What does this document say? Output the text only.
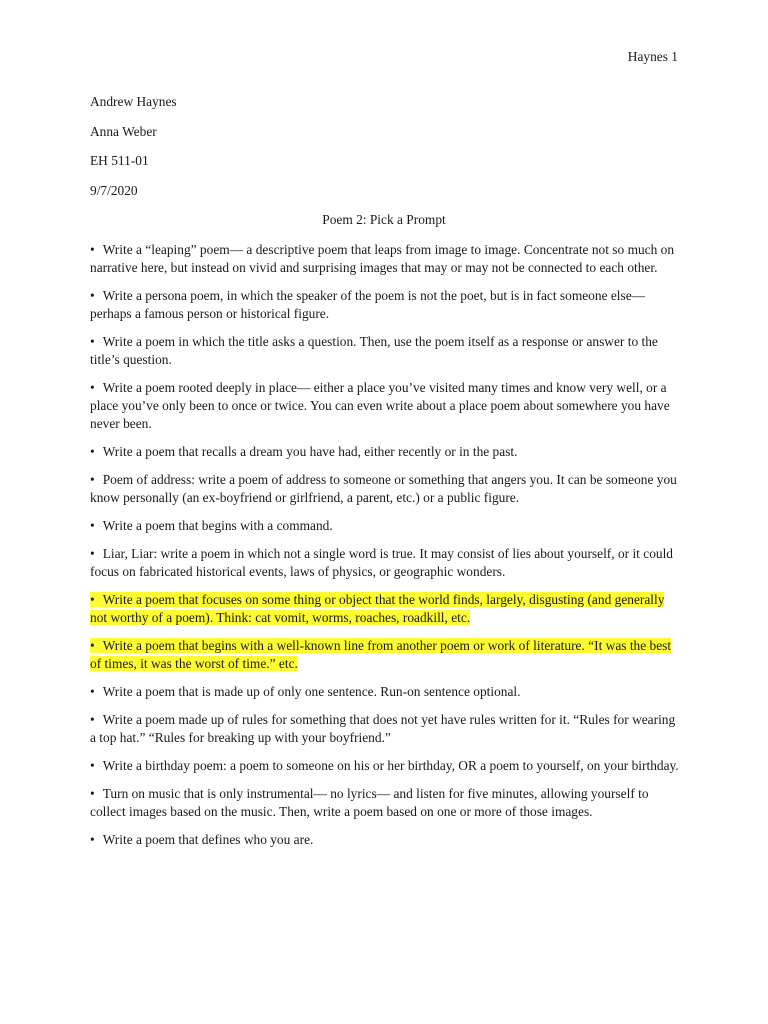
Haynes 1
Andrew Haynes
Anna Weber
EH 511-01
9/7/2020
Poem 2: Pick a Prompt

• Write a “leaping” poem— a descriptive poem that leaps from image to image. Concentrate not so much on narrative here, but instead on vivid and surprising images that may or may not be connected to each other.

• Write a persona poem, in which the speaker of the poem is not the poet, but is in fact someone else— perhaps a famous person or historical figure.

• Write a poem in which the title asks a question. Then, use the poem itself as a response or answer to the title’s question.

• Write a poem rooted deeply in place— either a place you’ve visited many times and know very well, or a place you’ve only been to once or twice. You can even write about a place poem about somewhere you have never been.

• Write a poem that recalls a dream you have had, either recently or in the past.

• Poem of address: write a poem of address to someone or something that angers you. It can be someone you know personally (an ex-boyfriend or girlfriend, a parent, etc.) or a public figure.

• Write a poem that begins with a command.

• Liar, Liar: write a poem in which not a single word is true. It may consist of lies about yourself, or it could focus on fabricated historical events, laws of physics, or geographic wonders.

• Write a poem that focuses on some thing or object that the world finds, largely, disgusting (and generally not worthy of a poem). Think: cat vomit, worms, roaches, roadkill, etc.

• Write a poem that begins with a well-known line from another poem or work of literature. “It was the best of times, it was the worst of time.” etc.

• Write a poem that is made up of only one sentence. Run-on sentence optional.

• Write a poem made up of rules for something that does not yet have rules written for it. “Rules for wearing a top hat.” “Rules for breaking up with your boyfriend.”

• Write a birthday poem: a poem to someone on his or her birthday, OR a poem to yourself, on your birthday.

• Turn on music that is only instrumental— no lyrics— and listen for five minutes, allowing yourself to collect images based on the music. Then, write a poem based on one or more of those images.

• Write a poem that defines who you are.
